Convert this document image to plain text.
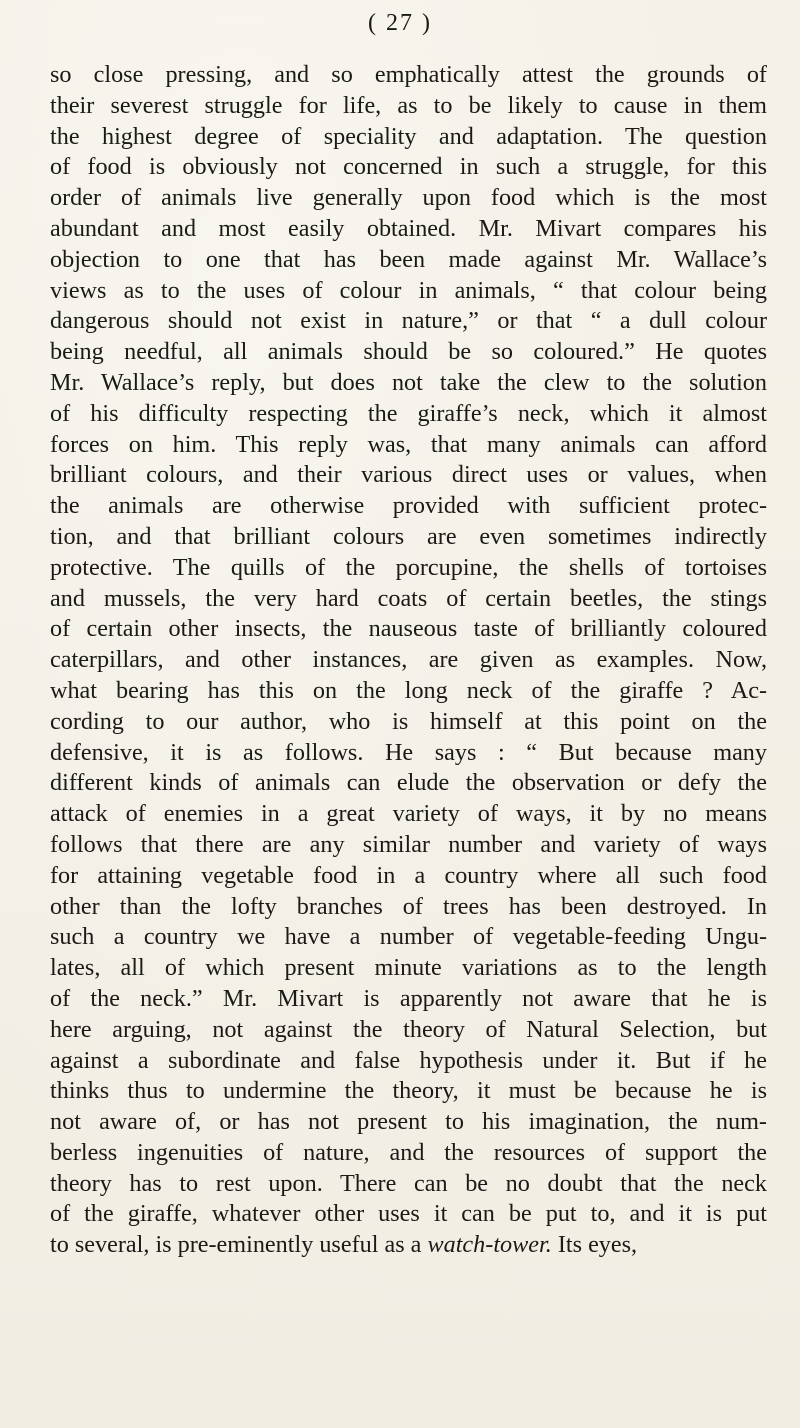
( 27 )

so close pressing, and so emphatically attest the grounds of
their severest struggle for life, as to be likely to cause in them
the highest degree of speciality and adaptation. The question
of food is obviously not concerned in such a struggle, for this
order of animals live generally upon food which is the most
abundant and most easily obtained. Mr. Mivart compares his
objection to one that has been made against Mr. Wallace’s
views as to the uses of colour in animals, “ that colour being
dangerous should not exist in nature,” or that “ a dull colour
being needful, all animals should be so coloured.” He quotes
Mr. Wallace’s reply, but does not take the clew to the solution
of his difficulty respecting the giraffe’s neck, which it almost
forces on him. This reply was, that many animals can afford
brilliant colours, and their various direct uses or values, when
the animals are otherwise provided with sufficient protec-
tion, and that brilliant colours are even sometimes indirectly
protective. The quills of the porcupine, the shells of tortoises
and mussels, the very hard coats of certain beetles, the stings
of certain other insects, the nauseous taste of brilliantly coloured
caterpillars, and other instances, are given as examples. Now,
what bearing has this on the long neck of the giraffe ? Ac-
cording to our author, who is himself at this point on the
defensive, it is as follows. He says : “ But because many
different kinds of animals can elude the observation or defy the
attack of enemies in a great variety of ways, it by no means
follows that there are any similar number and variety of ways
for attaining vegetable food in a country where all such food
other than the lofty branches of trees has been destroyed. In
such a country we have a number of vegetable-feeding Ungu-
lates, all of which present minute variations as to the length
of the neck.” Mr. Mivart is apparently not aware that he is
here arguing, not against the theory of Natural Selection, but
against a subordinate and false hypothesis under it. But if he
thinks thus to undermine the theory, it must be because he is
not aware of, or has not present to his imagination, the num-
berless ingenuities of nature, and the resources of support the
theory has to rest upon. There can be no doubt that the neck
of the giraffe, whatever other uses it can be put to, and it is put
to several, is pre-eminently useful as a watch-tower. Its eyes,
